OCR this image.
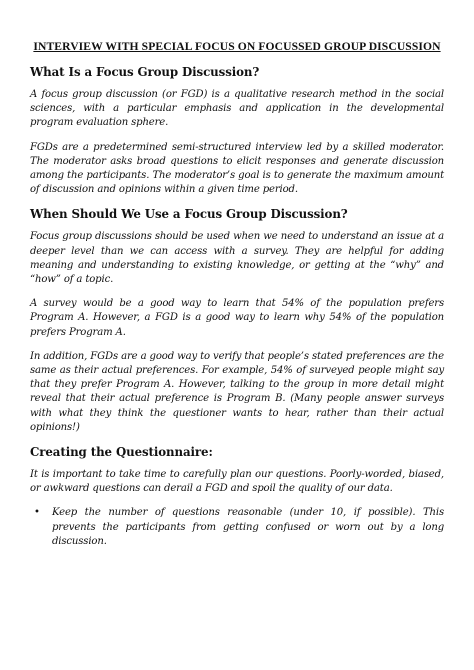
INTERVIEW WITH SPECIAL FOCUS ON FOCUSSED GROUP DISCUSSION
What Is a Focus Group Discussion?

A focus group discussion (or FGD) is a qualitative research method in the social sciences, with a particular emphasis and application in the developmental program evaluation sphere.

FGDs are a predetermined semi-structured interview led by a skilled moderator. The moderator asks broad questions to elicit responses and generate discussion among the participants. The moderator’s goal is to generate the maximum amount of discussion and opinions within a given time period.

When Should We Use a Focus Group Discussion?

Focus group discussions should be used when we need to understand an issue at a deeper level than we can access with a survey. They are helpful for adding meaning and understanding to existing knowledge, or getting at the “why” and “how” of a topic.

A survey would be a good way to learn that 54% of the population prefers Program A. However, a FGD is a good way to learn why 54% of the population prefers Program A.

In addition, FGDs are a good way to verify that people’s stated preferences are the same as their actual preferences. For example, 54% of surveyed people might say that they prefer Program A. However, talking to the group in more detail might reveal that their actual preference is Program B. (Many people answer surveys with what they think the questioner wants to hear, rather than their actual opinions!)

Creating the Questionnaire:

It is important to take time to carefully plan our questions. Poorly-worded, biased, or awkward questions can derail a FGD and spoil the quality of our data.

•	Keep the number of questions reasonable (under 10, if possible). This prevents the participants from getting confused or worn out by a long discussion.
